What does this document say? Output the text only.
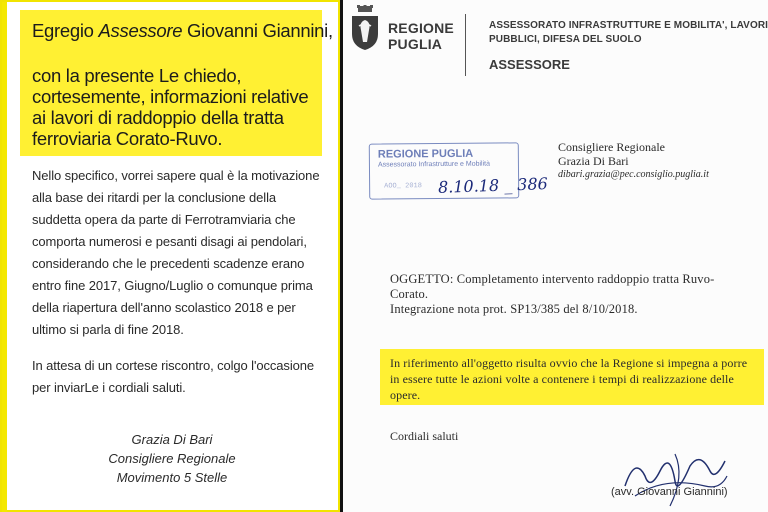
Egregio Assessore Giovanni Giannini,
con la presente Le chiedo,
cortesemente, informazioni relative
ai lavori di raddoppio della tratta
ferroviaria Corato-Ruvo.
Nello specifico, vorrei sapere qual è la motivazione
alla base dei ritardi per la conclusione della
suddetta opera da parte di Ferrotramviaria che
comporta numerosi e pesanti disagi ai pendolari,
considerando che le precedenti scadenze erano
entro fine 2017, Giugno/Luglio o comunque prima
della riapertura dell'anno scolastico 2018 e per
ultimo si parla di fine 2018.
In attesa di un cortese riscontro, colgo l'occasione
per inviarLe i cordiali saluti.
Grazia Di Bari
Consigliere Regionale
Movimento 5 Stelle
REGIONE
PUGLIA
ASSESSORATO INFRASTRUTTURE E MOBILITA', LAVORI
PUBBLICI, DIFESA DEL SUOLO
ASSESSORE
Consigliere Regionale
Grazia Di Bari
dibari.grazia@pec.consiglio.puglia.it
REGIONE PUGLIA
Assessorato Infrastrutture e Mobilità
AOO_ 2018 8.10.18 _ 386
OGGETTO: Completamento intervento raddoppio tratta Ruvo-
Corato.
Integrazione nota prot. SP13/385 del 8/10/2018.
In riferimento all'oggetto risulta ovvio che la Regione si impegna a porre
in essere tutte le azioni volte a contenere i tempi di realizzazione delle
opere.
Cordiali saluti
(avv. Giovanni Giannini)
